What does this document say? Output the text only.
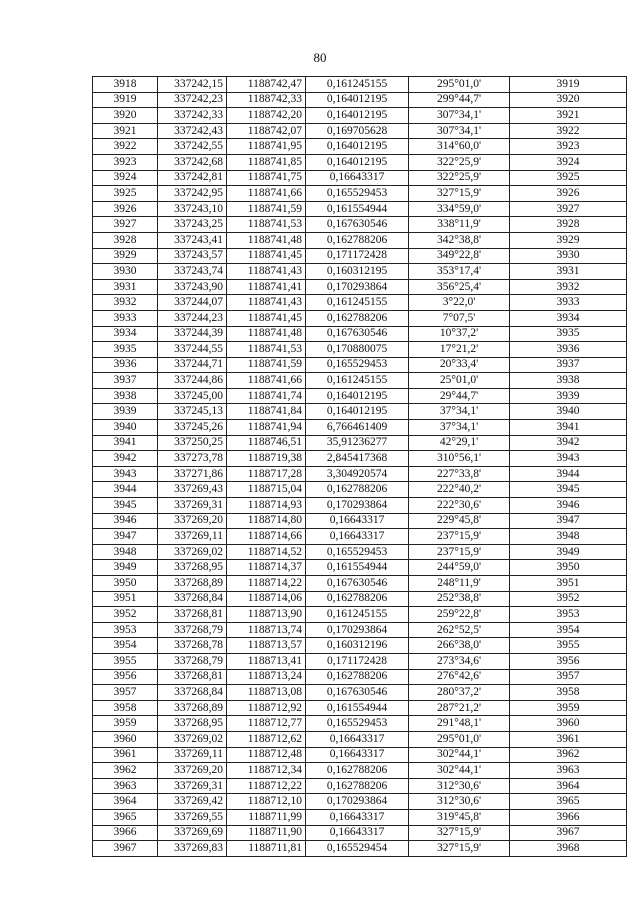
80
3918	337242,15	1188742,47	0,161245155	295°01,0'	3919
3919	337242,23	1188742,33	0,164012195	299°44,7'	3920
3920	337242,33	1188742,20	0,164012195	307°34,1'	3921
3921	337242,43	1188742,07	0,169705628	307°34,1'	3922
3922	337242,55	1188741,95	0,164012195	314°60,0'	3923
3923	337242,68	1188741,85	0,164012195	322°25,9'	3924
3924	337242,81	1188741,75	0,16643317	322°25,9'	3925
3925	337242,95	1188741,66	0,165529453	327°15,9'	3926
3926	337243,10	1188741,59	0,161554944	334°59,0'	3927
3927	337243,25	1188741,53	0,167630546	338°11,9'	3928
3928	337243,41	1188741,48	0,162788206	342°38,8'	3929
3929	337243,57	1188741,45	0,171172428	349°22,8'	3930
3930	337243,74	1188741,43	0,160312195	353°17,4'	3931
3931	337243,90	1188741,41	0,170293864	356°25,4'	3932
3932	337244,07	1188741,43	0,161245155	3°22,0'	3933
3933	337244,23	1188741,45	0,162788206	7°07,5'	3934
3934	337244,39	1188741,48	0,167630546	10°37,2'	3935
3935	337244,55	1188741,53	0,170880075	17°21,2'	3936
3936	337244,71	1188741,59	0,165529453	20°33,4'	3937
3937	337244,86	1188741,66	0,161245155	25°01,0'	3938
3938	337245,00	1188741,74	0,164012195	29°44,7'	3939
3939	337245,13	1188741,84	0,164012195	37°34,1'	3940
3940	337245,26	1188741,94	6,766461409	37°34,1'	3941
3941	337250,25	1188746,51	35,91236277	42°29,1'	3942
3942	337273,78	1188719,38	2,845417368	310°56,1'	3943
3943	337271,86	1188717,28	3,304920574	227°33,8'	3944
3944	337269,43	1188715,04	0,162788206	222°40,2'	3945
3945	337269,31	1188714,93	0,170293864	222°30,6'	3946
3946	337269,20	1188714,80	0,16643317	229°45,8'	3947
3947	337269,11	1188714,66	0,16643317	237°15,9'	3948
3948	337269,02	1188714,52	0,165529453	237°15,9'	3949
3949	337268,95	1188714,37	0,161554944	244°59,0'	3950
3950	337268,89	1188714,22	0,167630546	248°11,9'	3951
3951	337268,84	1188714,06	0,162788206	252°38,8'	3952
3952	337268,81	1188713,90	0,161245155	259°22,8'	3953
3953	337268,79	1188713,74	0,170293864	262°52,5'	3954
3954	337268,78	1188713,57	0,160312196	266°38,0'	3955
3955	337268,79	1188713,41	0,171172428	273°34,6'	3956
3956	337268,81	1188713,24	0,162788206	276°42,6'	3957
3957	337268,84	1188713,08	0,167630546	280°37,2'	3958
3958	337268,89	1188712,92	0,161554944	287°21,2'	3959
3959	337268,95	1188712,77	0,165529453	291°48,1'	3960
3960	337269,02	1188712,62	0,16643317	295°01,0'	3961
3961	337269,11	1188712,48	0,16643317	302°44,1'	3962
3962	337269,20	1188712,34	0,162788206	302°44,1'	3963
3963	337269,31	1188712,22	0,162788206	312°30,6'	3964
3964	337269,42	1188712,10	0,170293864	312°30,6'	3965
3965	337269,55	1188711,99	0,16643317	319°45,8'	3966
3966	337269,69	1188711,90	0,16643317	327°15,9'	3967
3967	337269,83	1188711,81	0,165529454	327°15,9'	3968
